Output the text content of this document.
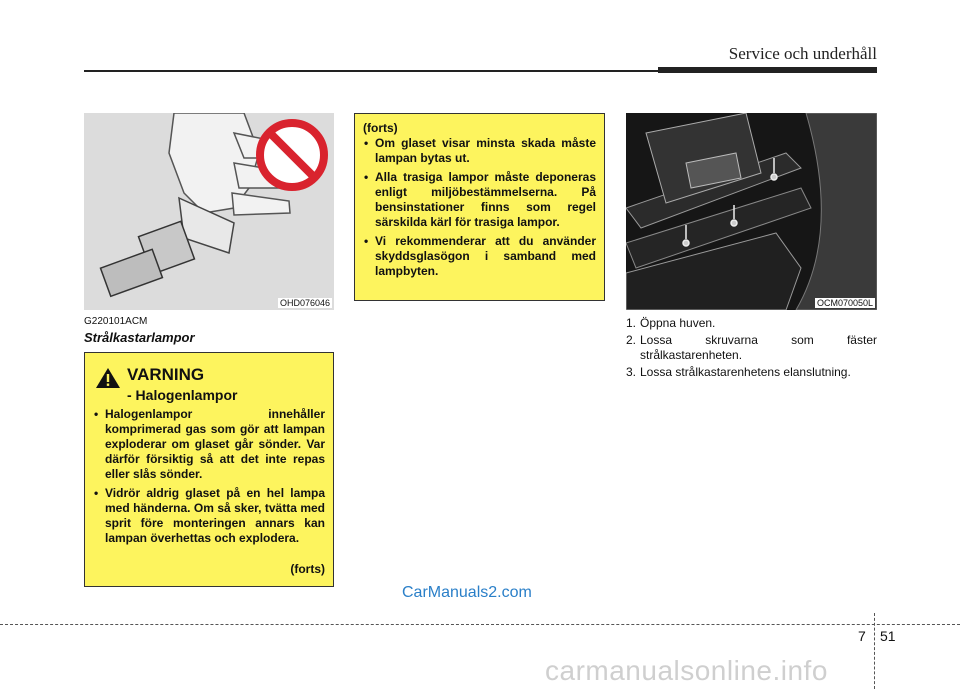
Service och underhåll
OHD076046
G220101ACM
Strålkastarlampor
VARNING
- Halogenlampor
• Halogenlampor innehåller komprimerad gas som gör att lampan exploderar om glaset går sönder. Var därför försiktig så att det inte repas eller slås sönder.
• Vidrör aldrig glaset på en hel lampa med händerna. Om så sker, tvätta med sprit före monteringen annars kan lampan överhettas och explodera.
(forts)
(forts)
• Om glaset visar minsta skada måste lampan bytas ut.
• Alla trasiga lampor måste deponeras enligt miljöbestämmelserna. På bensinstationer finns som regel särskilda kärl för trasiga lampor.
• Vi rekommenderar att du använder skyddsglasögon i samband med lampbyten.
OCM070050L
1. Öppna huven.
2. Lossa skruvarna som fäster strålkastarenheten.
3. Lossa strålkastarenhetens elanslutning.
CarManuals2.com
7 51
carmanualsonline.info
